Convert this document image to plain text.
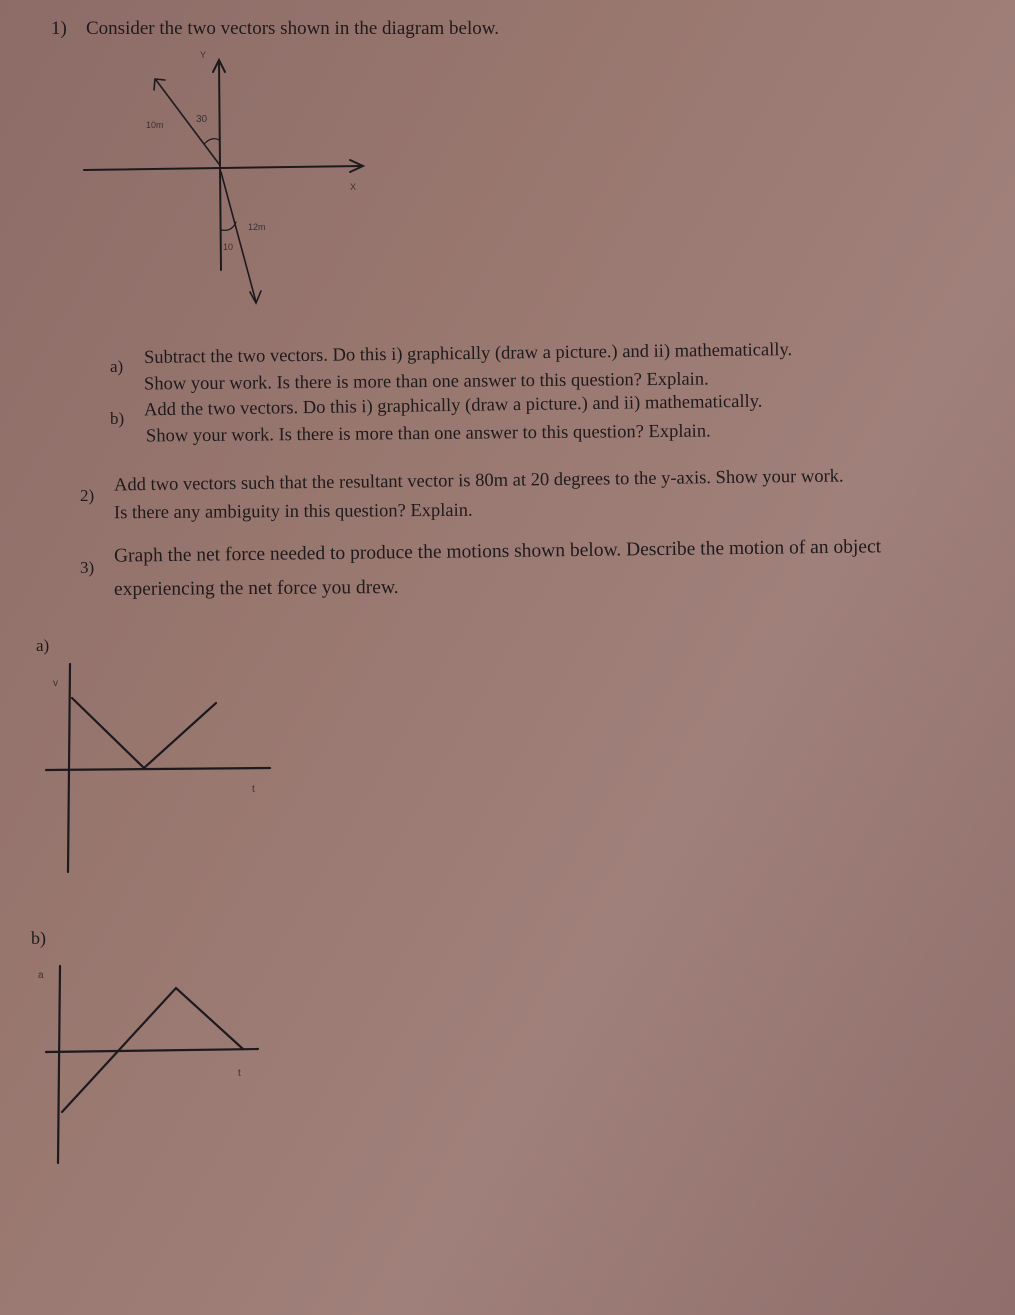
1) Consider the two vectors shown in the diagram below.
Y
X
10m	30
12m
10
v
t
a
t
a) Subtract the two vectors. Do this i) graphically (draw a picture.) and ii) mathematically.
Show your work. Is there is more than one answer to this question? Explain.
b) Add the two vectors. Do this i) graphically (draw a picture.) and ii) mathematically.
Show your work. Is there is more than one answer to this question? Explain.
2)
Add two vectors such that the resultant vector is 80m at 20 degrees to the y-axis. Show your work.
Is there any ambiguity in this question? Explain.
3)
Graph the net force needed to produce the motions shown below. Describe the motion of an object
experiencing the net force you drew.
a)
b)
